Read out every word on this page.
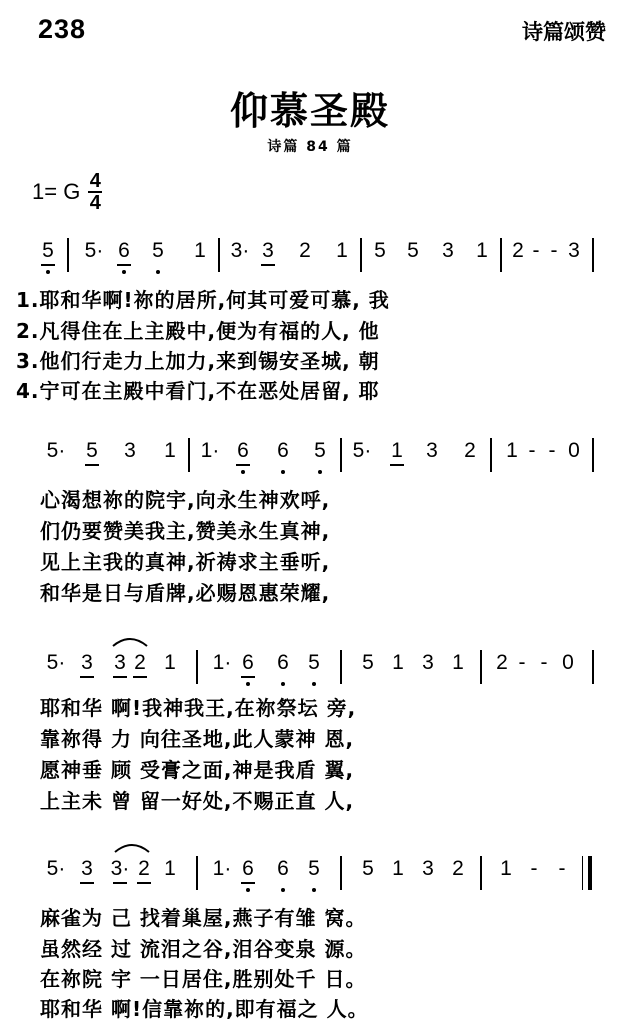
238	诗篇颂赞
仰慕圣殿
诗篇 84 篇
1= G 4
4
5 5· 6 5 1 3· 3 2 1 5 5 3 1 2 - - 3
1.耶和华啊!祢的居所,何其可爱可慕, 我
2.凡得住在上主殿中,便为有福的人, 他
3.他们行走力上加力,来到锡安圣城, 朝
4.宁可在主殿中看门,不在恶处居留, 耶
5· 5 3 1 1· 6 6 5 5· 1 3 2 1 - - 0
心渴想祢的院宇,向永生神欢呼,
们仍要赞美我主,赞美永生真神,
见上主我的真神,祈祷求主垂听,
和华是日与盾牌,必赐恩惠荣耀,
5· 3 3 2 1 1· 6 6 5 5 1 3 1 2 - - 0
耶和华 啊!我神我王,在祢祭坛 旁,
靠祢得 力 向往圣地,此人蒙神 恩,
愿神垂 顾 受膏之面,神是我盾 翼,
上主未 曾 留一好处,不赐正直 人,
5· 3 3· 2 1 1· 6 6 5 5 1 3 2 1 -	-
麻雀为 己 找着巢屋,燕子有雏 窝。
虽然经 过 流泪之谷,泪谷变泉 源。
在祢院 宇 一日居住,胜别处千 日。
耶和华 啊!信靠祢的,即有福之 人。
